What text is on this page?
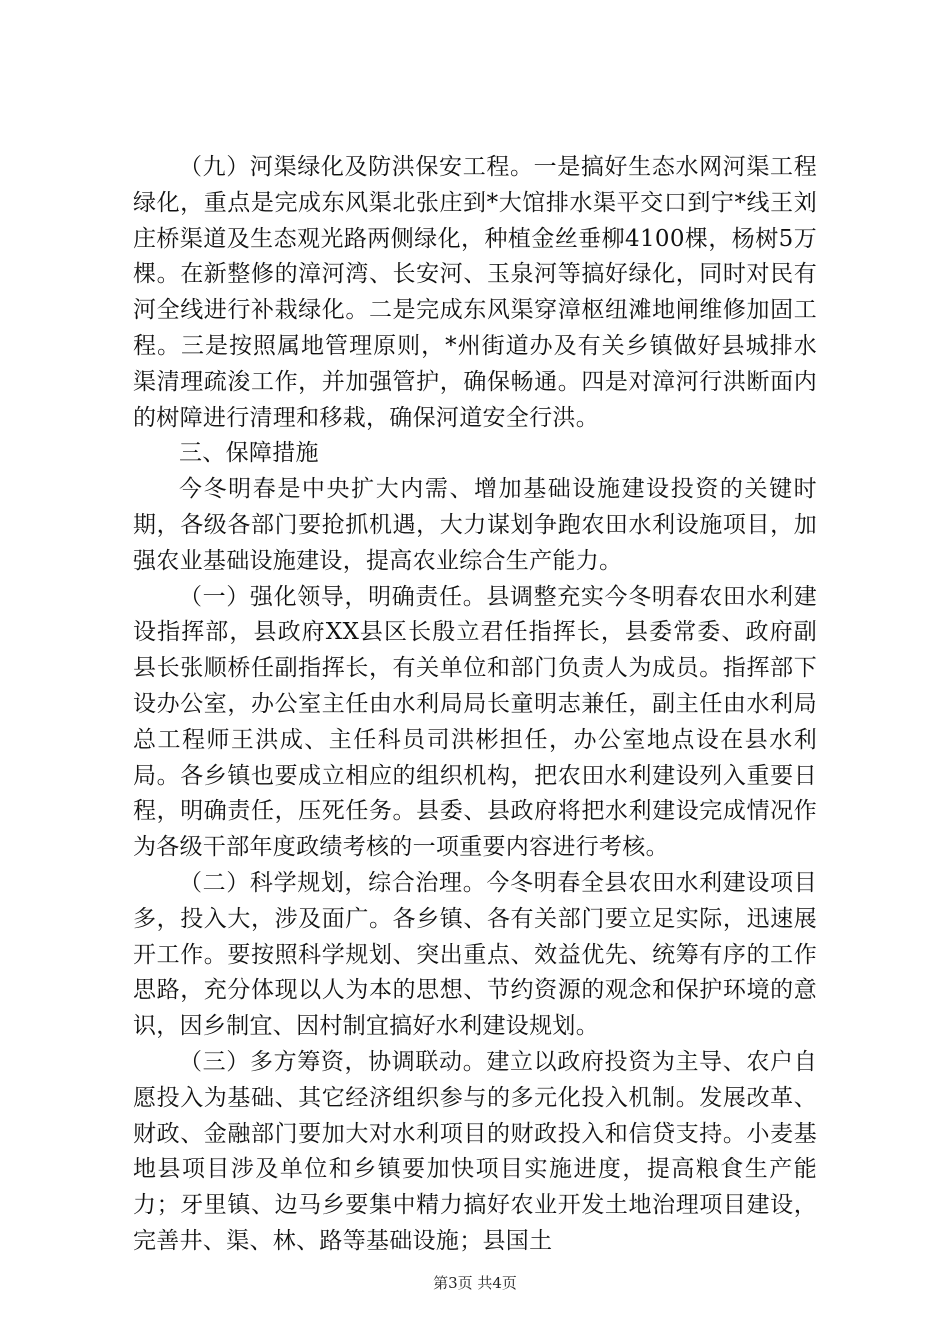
（九）河渠绿化及防洪保安工程。一是搞好生态水网河渠工程绿化，重点是完成东风渠北张庄到*大馆排水渠平交口到宁*线王刘庄桥渠道及生态观光路两侧绿化，种植金丝垂柳4100棵，杨树5万棵。在新整修的漳河湾、长安河、玉泉河等搞好绿化，同时对民有河全线进行补栽绿化。二是完成东风渠穿漳枢纽滩地闸维修加固工程。三是按照属地管理原则，*州街道办及有关乡镇做好县城排水渠清理疏浚工作，并加强管护，确保畅通。四是对漳河行洪断面内的树障进行清理和移栽，确保河道安全行洪。

三、保障措施

今冬明春是中央扩大内需、增加基础设施建设投资的关键时期，各级各部门要抢抓机遇，大力谋划争跑农田水利设施项目，加强农业基础设施建设，提高农业综合生产能力。

（一）强化领导，明确责任。县调整充实今冬明春农田水利建设指挥部，县政府XX县区长殷立君任指挥长，县委常委、政府副县长张顺桥任副指挥长，有关单位和部门负责人为成员。指挥部下设办公室，办公室主任由水利局局长童明志兼任，副主任由水利局总工程师王洪成、主任科员司洪彬担任，办公室地点设在县水利局。各乡镇也要成立相应的组织机构，把农田水利建设列入重要日程，明确责任，压死任务。县委、县政府将把水利建设完成情况作为各级干部年度政绩考核的一项重要内容进行考核。

（二）科学规划，综合治理。今冬明春全县农田水利建设项目多，投入大，涉及面广。各乡镇、各有关部门要立足实际，迅速展开工作。要按照科学规划、突出重点、效益优先、统筹有序的工作思路，充分体现以人为本的思想、节约资源的观念和保护环境的意识，因乡制宜、因村制宜搞好水利建设规划。

（三）多方筹资，协调联动。建立以政府投资为主导、农户自愿投入为基础、其它经济组织参与的多元化投入机制。发展改革、财政、金融部门要加大对水利项目的财政投入和信贷支持。小麦基地县项目涉及单位和乡镇要加快项目实施进度，提高粮食生产能力；牙里镇、边马乡要集中精力搞好农业开发土地治理项目建设，完善井、渠、林、路等基础设施；县国土

第3页 共4页
